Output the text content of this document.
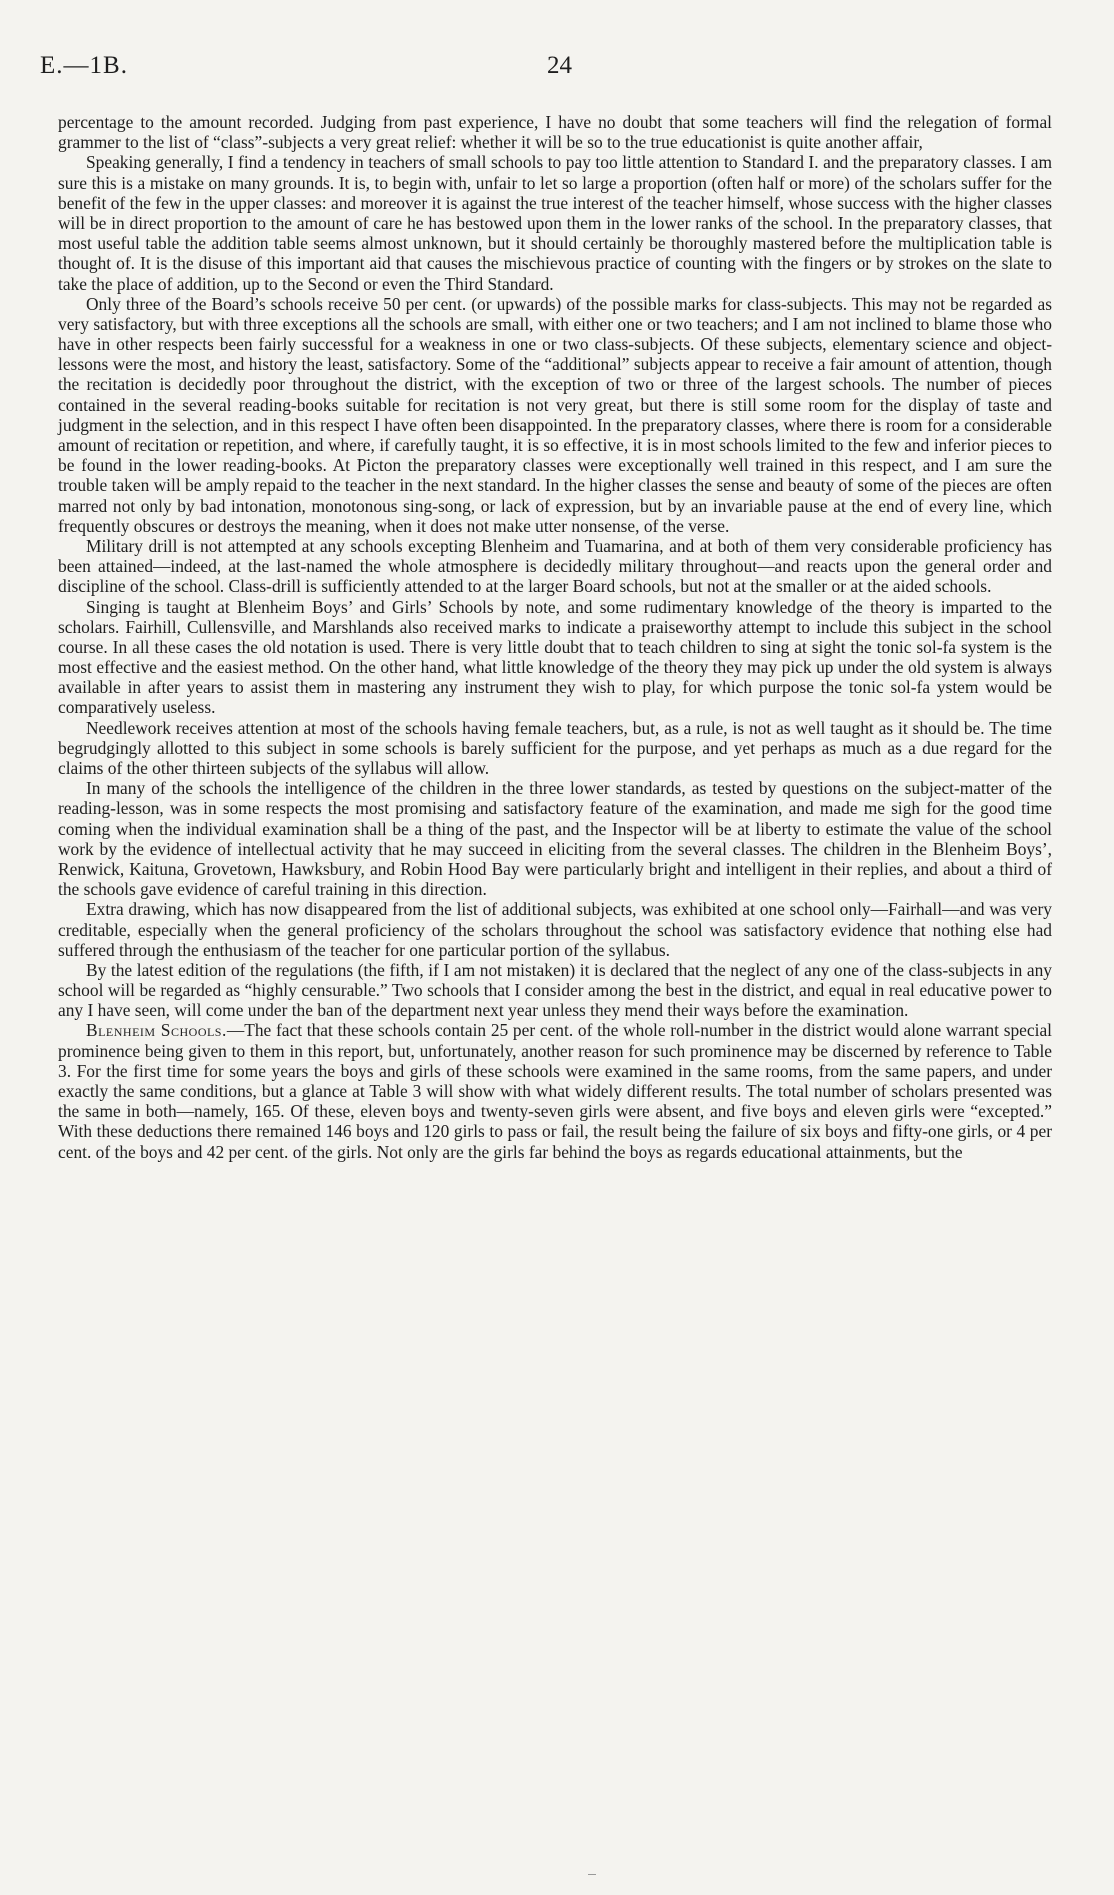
E.—1B.	24

percentage to the amount recorded. Judging from past experience, I have no doubt that some teachers will find the relegation of formal grammer to the list of “class”-subjects a very great relief: whether it will be so to the true educationist is quite another affair,

Speaking generally, I find a tendency in teachers of small schools to pay too little attention to Standard I. and the preparatory classes. I am sure this is a mistake on many grounds. It is, to begin with, unfair to let so large a proportion (often half or more) of the scholars suffer for the benefit of the few in the upper classes: and moreover it is against the true interest of the teacher himself, whose success with the higher classes will be in direct proportion to the amount of care he has bestowed upon them in the lower ranks of the school. In the preparatory classes, that most useful table the addition table seems almost unknown, but it should certainly be thoroughly mastered before the multiplication table is thought of. It is the disuse of this important aid that causes the mischievous practice of counting with the fingers or by strokes on the slate to take the place of addition, up to the Second or even the Third Standard.

Only three of the Board’s schools receive 50 per cent. (or upwards) of the possible marks for class-subjects. This may not be regarded as very satisfactory, but with three exceptions all the schools are small, with either one or two teachers; and I am not inclined to blame those who have in other respects been fairly successful for a weakness in one or two class-subjects. Of these subjects, elementary science and object-lessons were the most, and history the least, satisfactory. Some of the “additional” subjects appear to receive a fair amount of attention, though the recitation is decidedly poor throughout the district, with the exception of two or three of the largest schools. The number of pieces contained in the several reading-books suitable for recitation is not very great, but there is still some room for the display of taste and judgment in the selection, and in this respect I have often been disappointed. In the preparatory classes, where there is room for a considerable amount of recitation or repetition, and where, if carefully taught, it is so effective, it is in most schools limited to the few and inferior pieces to be found in the lower reading-books. At Picton the preparatory classes were exceptionally well trained in this respect, and I am sure the trouble taken will be amply repaid to the teacher in the next standard. In the higher classes the sense and beauty of some of the pieces are often marred not only by bad intonation, monotonous sing-song, or lack of expression, but by an invariable pause at the end of every line, which frequently obscures or destroys the meaning, when it does not make utter nonsense, of the verse.

Military drill is not attempted at any schools excepting Blenheim and Tuamarina, and at both of them very considerable proficiency has been attained—indeed, at the last-named the whole atmosphere is decidedly military throughout—and reacts upon the general order and discipline of the school. Class-drill is sufficiently attended to at the larger Board schools, but not at the smaller or at the aided schools.

Singing is taught at Blenheim Boys’ and Girls’ Schools by note, and some rudimentary knowledge of the theory is imparted to the scholars. Fairhill, Cullensville, and Marshlands also received marks to indicate a praiseworthy attempt to include this subject in the school course. In all these cases the old notation is used. There is very little doubt that to teach children to sing at sight the tonic sol-fa system is the most effective and the easiest method. On the other hand, what little knowledge of the theory they may pick up under the old system is always available in after years to assist them in mastering any instrument they wish to play, for which purpose the tonic sol-fa ystem would be comparatively useless.

Needlework receives attention at most of the schools having female teachers, but, as a rule, is not as well taught as it should be. The time begrudgingly allotted to this subject in some schools is barely sufficient for the purpose, and yet perhaps as much as a due regard for the claims of the other thirteen subjects of the syllabus will allow.

In many of the schools the intelligence of the children in the three lower standards, as tested by questions on the subject-matter of the reading-lesson, was in some respects the most promising and satisfactory feature of the examination, and made me sigh for the good time coming when the individual examination shall be a thing of the past, and the Inspector will be at liberty to estimate the value of the school work by the evidence of intellectual activity that he may succeed in eliciting from the several classes. The children in the Blenheim Boys’, Renwick, Kaituna, Grovetown, Hawksbury, and Robin Hood Bay were particularly bright and intelligent in their replies, and about a third of the schools gave evidence of careful training in this direction.

Extra drawing, which has now disappeared from the list of additional subjects, was exhibited at one school only—Fairhall—and was very creditable, especially when the general proficiency of the scholars throughout the school was satisfactory evidence that nothing else had suffered through the enthusiasm of the teacher for one particular portion of the syllabus.

By the latest edition of the regulations (the fifth, if I am not mistaken) it is declared that the neglect of any one of the class-subjects in any school will be regarded as “highly censurable.” Two schools that I consider among the best in the district, and equal in real educative power to any I have seen, will come under the ban of the department next year unless they mend their ways before the examination.

Blenheim Schools.—The fact that these schools contain 25 per cent. of the whole roll-number in the district would alone warrant special prominence being given to them in this report, but, unfortunately, another reason for such prominence may be discerned by reference to Table 3. For the first time for some years the boys and girls of these schools were examined in the same rooms, from the same papers, and under exactly the same conditions, but a glance at Table 3 will show with what widely different results. The total number of scholars presented was the same in both—namely, 165. Of these, eleven boys and twenty-seven girls were absent, and five boys and eleven girls were “excepted.” With these deductions there remained 146 boys and 120 girls to pass or fail, the result being the failure of six boys and fifty-one girls, or 4 per cent. of the boys and 42 per cent. of the girls. Not only are the girls far behind the boys as regards educational attainments, but the
